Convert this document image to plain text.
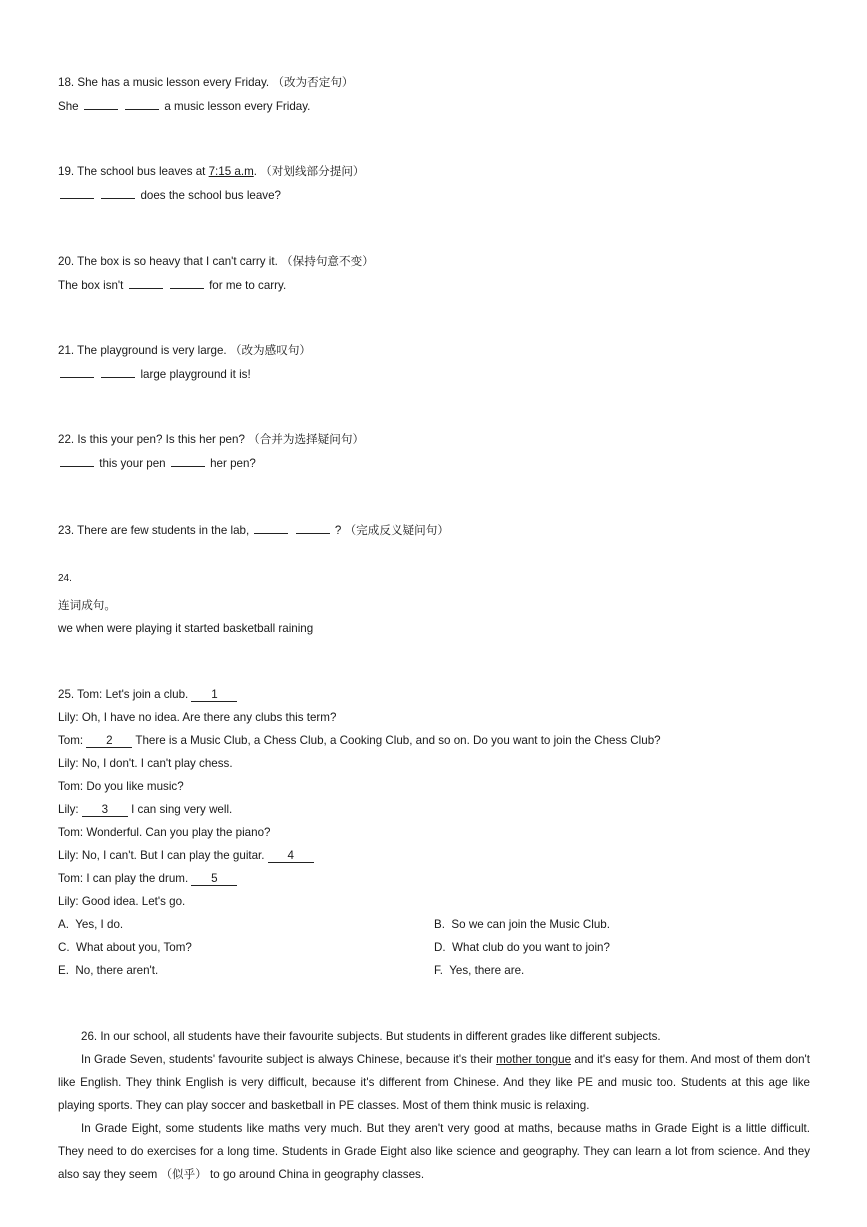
18. She has a music lesson every Friday. （改为否定句）
She	a music lesson every Friday.
19. The school bus leaves at 7:15 a.m. （对划线部分提问）
does the school bus leave?
20. The box is so heavy that I can't carry it. （保持句意不变）
The box isn't	for me to carry.
21. The playground is very large. （改为感叹句）
large playground it is!
22. Is this your pen? Is this her pen? （合并为选择疑问句）
this your pen	her pen?
23. There are few students in the lab,	? （完成反义疑问句）
24.
连词成句。
we when were playing it started basketball raining
25. Tom: Let's join a club. 1
Lily: Oh, I have no idea. Are there any clubs this term?
Tom: 2 There is a Music Club, a Chess Club, a Cooking Club, and so on. Do you want to join the Chess Club?
Lily: No, I don't. I can't play chess.
Tom: Do you like music?
Lily: 3 I can sing very well.
Tom: Wonderful. Can you play the piano?
Lily: No, I can't. But I can play the guitar. 4
Tom: I can play the drum. 5
Lily: Good idea. Let's go.
A. Yes, I do.	B. So we can join the Music Club.
C. What about you, Tom?	D. What club do you want to join?
E. No, there aren't.	F. Yes, there are.

26. In our school, all students have their favourite subjects. But students in different grades like different subjects.

In Grade Seven, students' favourite subject is always Chinese, because it's their mother tongue and it's easy for them. And most of them don't like English. They think English is very difficult, because it's different from Chinese. And they like PE and music too. Students at this age like playing sports. They can play soccer and basketball in PE classes. Most of them think music is relaxing.

In Grade Eight, some students like maths very much. But they aren't very good at maths, because maths in Grade Eight is a little difficult. They need to do exercises for a long time. Students in Grade Eight also like science and geography. They can learn a lot from science. And they also say they seem （似乎） to go around China in geography classes.
